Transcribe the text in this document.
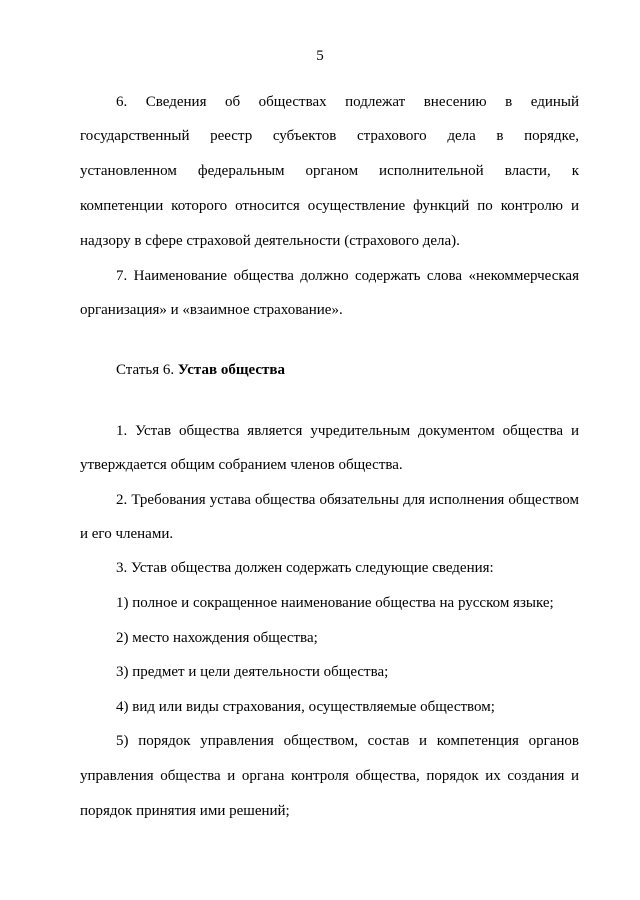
5
6. Сведения об обществах подлежат внесению в единый
государственный реестр субъектов страхового дела в порядке,
установленном федеральным органом исполнительной власти, к
компетенции которого относится осуществление функций по контролю и
надзору в сфере страховой деятельности (страхового дела).
7. Наименование общества должно содержать слова «некоммерческая
организация» и «взаимное страхование».
Статья 6. Устав общества
1. Устав общества является учредительным документом общества и
утверждается общим собранием членов общества.
2. Требования устава общества обязательны для исполнения обществом
и его членами.
3. Устав общества должен содержать следующие сведения:
1) полное и сокращенное наименование общества на русском языке;
2) место нахождения общества;
3) предмет и цели деятельности общества;
4) вид или виды страхования, осуществляемые обществом;
5) порядок управления обществом, состав и компетенция органов
управления общества и органа контроля общества, порядок их создания и
порядок принятия ими решений;
